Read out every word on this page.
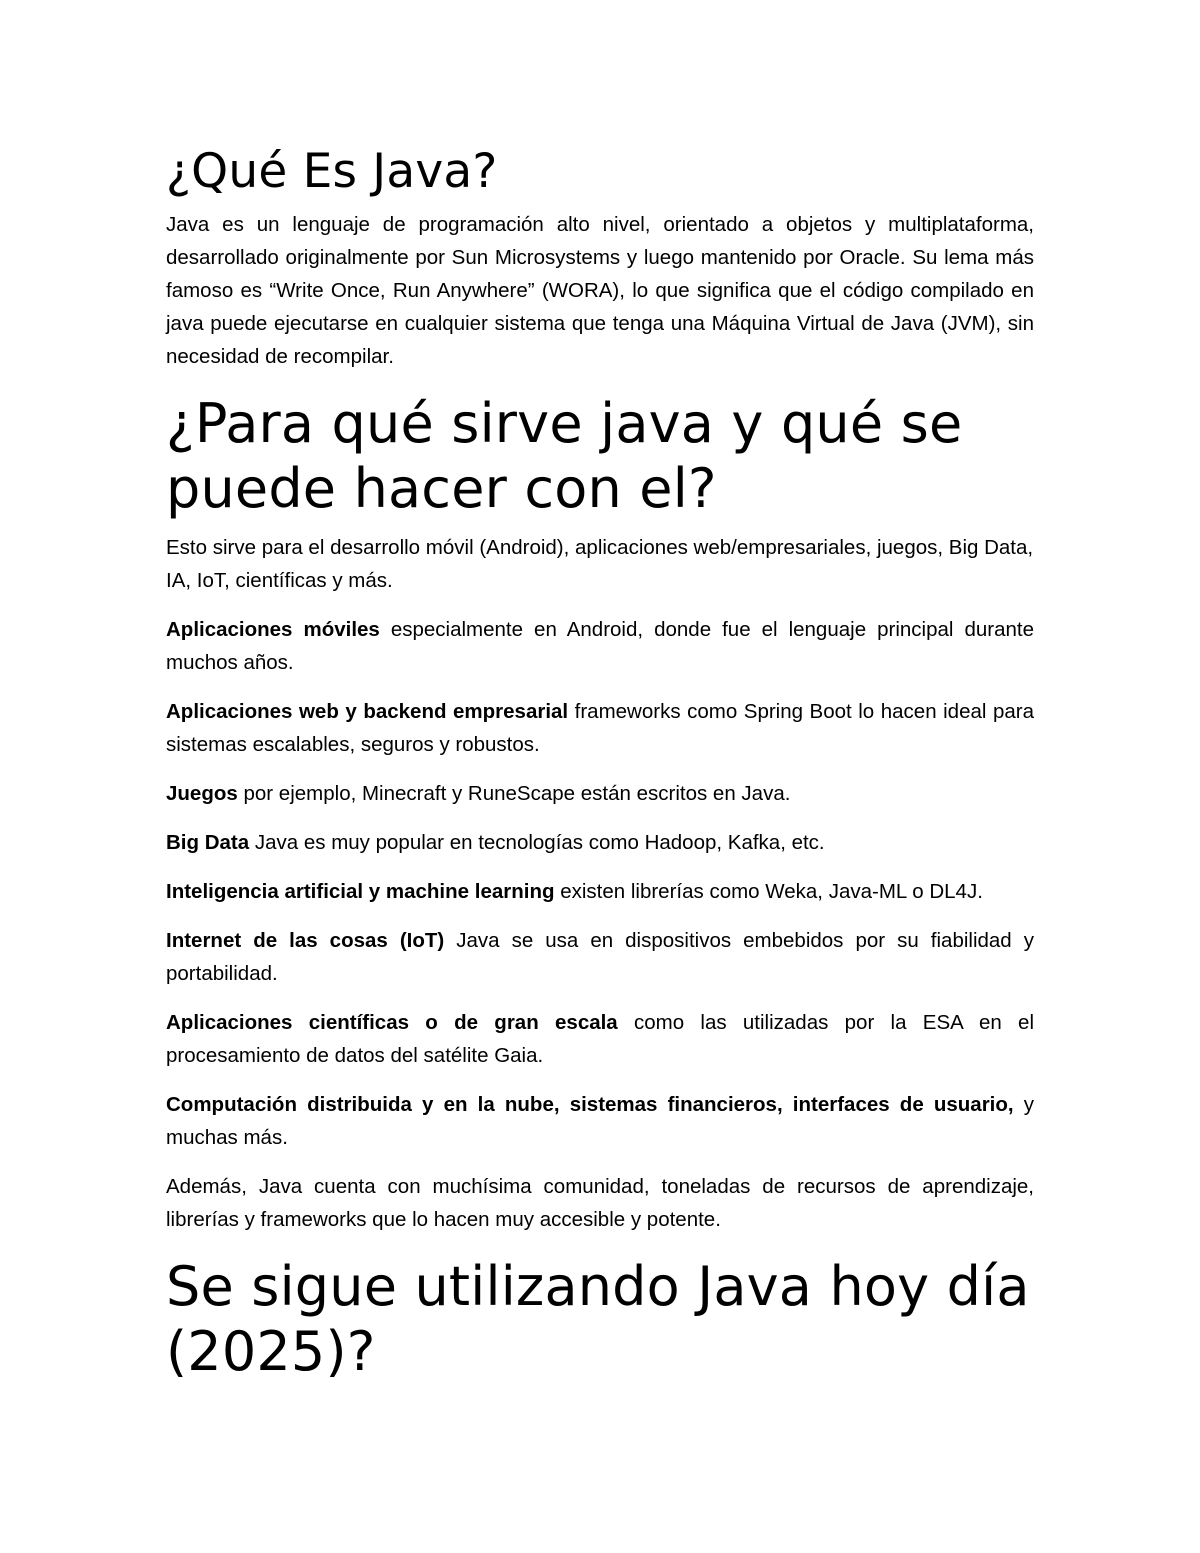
¿Qué Es Java?

Java es un lenguaje de programación alto nivel, orientado a objetos y multiplataforma, desarrollado originalmente por Sun Microsystems y luego mantenido por Oracle. Su lema más famoso es “Write Once, Run Anywhere” (WORA), lo que significa que el código compilado en java puede ejecutarse en cualquier sistema que tenga una Máquina Virtual de Java (JVM), sin necesidad de recompilar.

¿Para qué sirve java y qué se puede hacer con el?

Esto sirve para el desarrollo móvil (Android), aplicaciones web/empresariales, juegos, Big Data, IA, IoT, científicas y más.

Aplicaciones móviles especialmente en Android, donde fue el lenguaje principal durante muchos años.

Aplicaciones web y backend empresarial frameworks como Spring Boot lo hacen ideal para sistemas escalables, seguros y robustos.

Juegos por ejemplo, Minecraft y RuneScape están escritos en Java.

Big Data Java es muy popular en tecnologías como Hadoop, Kafka, etc.

Inteligencia artificial y machine learning existen librerías como Weka, Java-ML o DL4J.

Internet de las cosas (IoT) Java se usa en dispositivos embebidos por su fiabilidad y portabilidad.

Aplicaciones científicas o de gran escala como las utilizadas por la ESA en el procesamiento de datos del satélite Gaia.

Computación distribuida y en la nube, sistemas financieros, interfaces de usuario, y muchas más.

Además, Java cuenta con muchísima comunidad, toneladas de recursos de aprendizaje, librerías y frameworks que lo hacen muy accesible y potente.

Se sigue utilizando Java hoy día (2025)?
